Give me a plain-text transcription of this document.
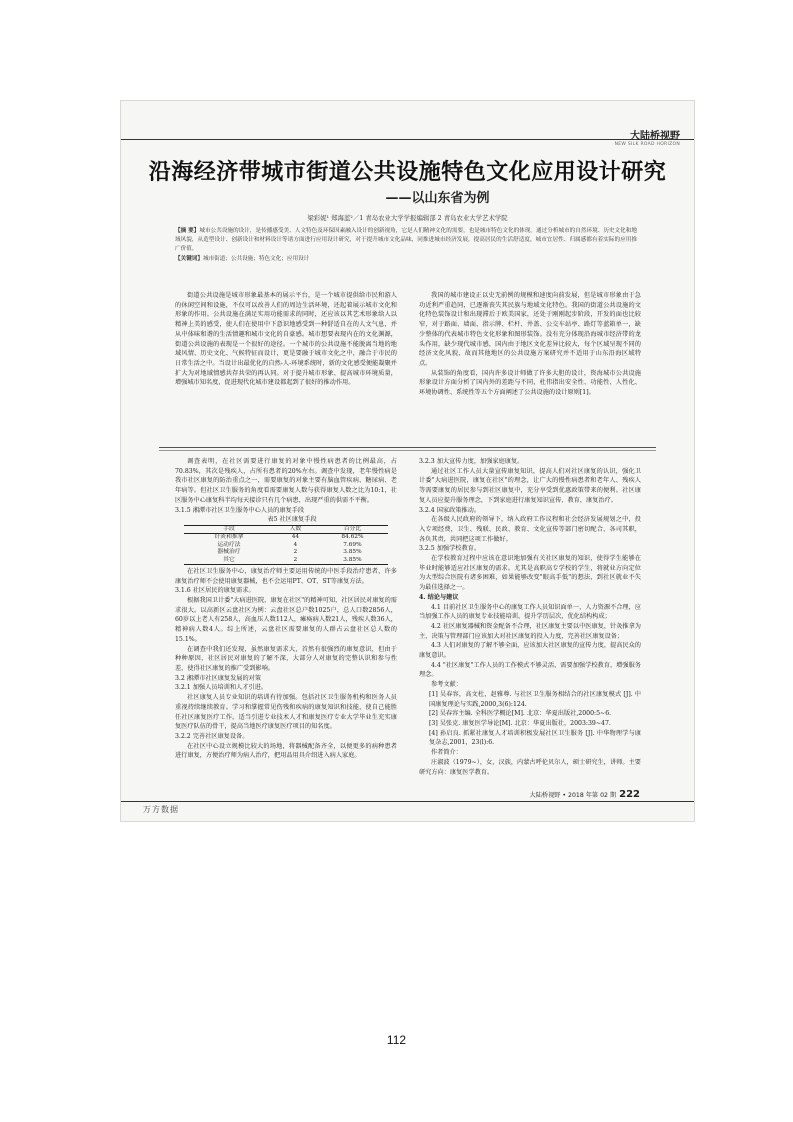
大陆桥视野
NEW SILK ROAD HORIZON
沿海经济带城市街道公共设施特色文化应用设计研究
——以山东省为例
梁彩妮¹ 郑海蓝²／1 青岛农业大学学报编辑部 2 青岛农业大学艺术学院
【摘 要】城市公共设施的设计，是传播感受美、人文特色及环保因素融入设计的创新视角，它是人们精神文化的需要，也是城市特色文化的体现。通过分析城市的自然环境、历史文化和地域风貌，从造型设计、创新设计和材料设计等诸方面进行应用设计研究，对于提升城市文化品味，同推进城市经济发展，提高居民的生活舒适度，城市宜居性、归属感都有着实际的应用推广价值。
【关键词】城市街道；公共设施；特色文化；应用设计

街道公共设施是城市形象最基本的展示平台，是一个城市提供给市民和游人的休闲空间和设施，不仅可以改善人们的周边生活环境，还起着展示城市文化和形象的作用。公共设施在满足实用功能需求的同时，还应该以其艺术形象给人以精神上美的感受，使人们在使用中下意识地感受到一种舒适自在的人文气息，并从中体味和谐的生活情趣和城市文化的自豪感。城市想要表现内在的文化渊源，街道公共设施的表现是一个很好的途径。一个城市的公共设施不能脱离当地的地域风情、历史文化、气候特征而设计，更是要融于城市文化之中，融合于市民的日常生活之中。当设计出最优化的自然-人-环境系统时，新的文化感受便能凝聚并扩大为对地域情感共存共荣的再认同。对于提升城市形象、提高城市环境质量，增强城市知名度，促进现代化城市建设都起到了很好的推动作用。

我国的城市建设正以史无前例的规模和速度向前发展，但是城市形象由于急功近利严重趋同，已逐渐丧失其民族与地域文化特色。我国的街道公共设施的文化特色装饰设计和出现滞后于欧美国家，还处于刚刚起步阶段，开发的面也比较窄，对于路面、墙面、指示牌、栏杆、井盖、公交车站亭、路灯等蓝箱单一，缺少整体的代表城市特色文化形象和图形装饰。没有充分体现沿海城市经济带的龙头作用，缺少现代城市感，国内由于地区文化差异比较大，每个区域呈现不同的经济文化风貌，故而其他地区的公共设施方案研究并不适用于山东沿海区域特点。

从装饰的角度看，国内许多设计师做了许多大胆的设计，资海城市公共设施形象设计方面分析了国内外的差距与不同，杜伟指出安全性、功能性、人性化、环境协调性、系统性等五个方面阐述了公共设施的设计原则[1]。

调查表明，在社区需要进行康复的对象中慢性病患者的比例最高，占70.83%，其次是残疾人，占所有患者的20%左右。调查中发现，老年慢性病是我市社区康复的防治重点之一，需要康复的对象主要有脑血管疾病、糖尿病、老年病等。但社区卫生服务的角度看需要康复人数与获得康复人数之比为10:1，社区服务中心康复科半均每天接诊只有几个病患，出现严重的供需不平衡。

3.1.5 湘潭市社区卫生服务中心人员的康复手段

表5 社区康复手段

手段	人数	百分比
针灸和推拿	44	84.62%
运动疗法	4	7.69%
器械治疗	2	3.85%
其它	2	3.85%

在社区卫生服务中心，康复治疗师主要运用传统的中医手段治疗患者，许多康复治疗师不会使用康复器械，也不会运用PT、OT、ST等康复方法。

3.1.6 社区居民的康复需求。

根据我国卫计委"大病进医院，康复在社区"的精神可知，社区居民对康复的需求很大。以高新区云盘社区为例：云盘社区总户数1025户，总人口数2856人，60岁以上老人有258人，高血压人数112人，瘫痪病人数21人，残疾人数36人，精神病人数4人。综上所述，云盘社区需要康复的人群占云盘社区总人数的15.1%。

在调查中我们还发现，虽然康复需求大，首然有很强烈的康复意识，但由于种种原因，社区居民对康复的了解不深，大部分人对康复的完整认识和参与性差，使得社区康复的推广受到影响。

3.2 湘潭市社区康复发展的对策

3.2.1 加强人员培训和人才引进。

社区康复人员专业知识的培训有待加强。包括社区卫生服务机构和医务人员重视持续继续教育。学习和掌握常见伤残和疾病的康复知识和技能，使自己能胜任社区康复医疗工作。适当引进专业技术人才和康复医疗专业大学毕业生充实康复医疗队伍的骨干，提高当地医疗康复医疗项目的知名度。

3.2.2 完善社区康复设备。

在社区中心设立规模比较大的场地，将器械配备齐全，以便更多的病种患者进行康复，方便治疗师为病人治疗，把用品用具介绍进入病人家庭。

3.2.3 加大宣传力度，加强家庭康复。

通过社区工作人员大量宣传康复知识，提高人们对社区康复的认识，强化卫计委"大病进医院，康复在社区"的理念，让广大的慢性病患者和老年人、残疾人等需要康复的居民参与到社区康复中，充分享受到优惠政策带来的便利。社区康复人员应提升服务理念，下到家庭进行康复知识宣传、教育，康复治疗。

3.2.4 国家政策推动。

在各级人民政府的领导下，纳入政府工作议程和社会经济发展规划之中，投入专项经费，卫生、残联、民政、教育、文化宣传等部门密切配合，各司其职，各负其责，共同把这项工作做好。

3.2.5 加强学校教育。

在学校教育过程中应该在意识地加强有关社区康复的知识，使得学生能够在毕业时能够适应社区康复的需求。尤其是高职高专学校的学生，将就业方向定位为大型综合医院有诸多困难，如果能够改变"眼高手低"的想法，到社区就业不失为最佳选择之一。

4. 结论与建议

4.1 目前社区卫生服务中心的康复工作人员知识面单一，人力资源不合理，应当加强工作人员的康复专业技能培训，提升学历层次，优化结构构成；

4.2 社区康复器械和资金配备不合理，社区康复主要以中医康复，针灸推拿为主，决策与管理部门应该加大对社区康复的投入力度，完善社区康复设备；

4.3 人们对康复的了解不够全面，应该加大社区康复的宣传力度，提高民众的康复意识。

4.4 "社区康复"工作人员的工作模式不够灵活，需要加强学校教育，增强服务理念。

参考文献：

[1] 吴春容，高文杜，赵雅尊. 与社区卫生服务相结合的社区康复模式 [J]. 中国康复理论与实践,2000,3(6):124.

[2] 吴春容主编. 全科医学概论[M]. 北京：华夏出版社,2000:5~6.

[3] 吴张克. 康复医学导论[M]. 北京：华夏出版社，2003:39~47.

[4] 孙启良. 抓紧社康复人才培训积极发展社区卫生服务 [J]. 中华物理学与康复杂志,2001，23(l):6.

作者简介：

庄淑波（1979~），女，汉族，内蒙古呼伦贝尔人，硕士研究生，讲师。主要研究方向：康复医学教育。

大陆桥视野 • 2018 年第 02 期 222
万方数据
112
